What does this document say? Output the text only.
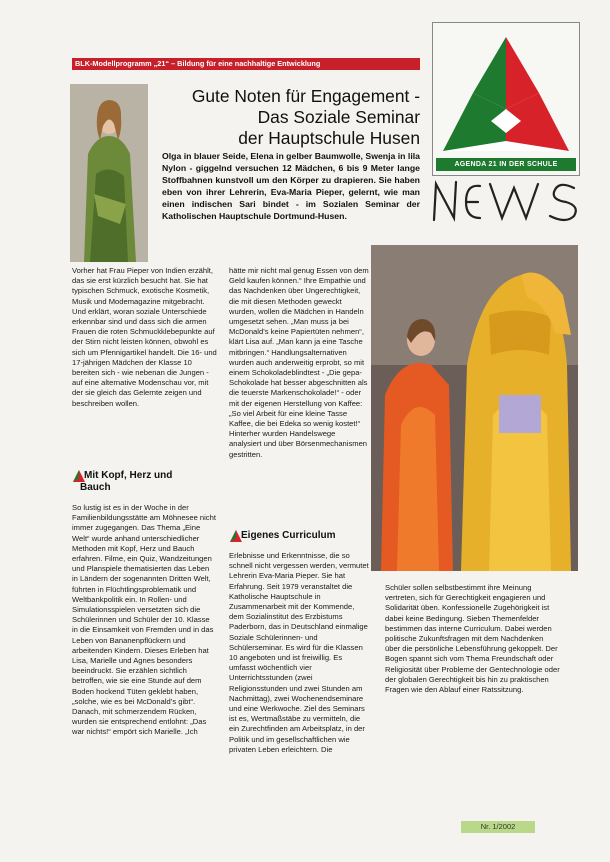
BLK-Modellprogramm „21“ – Bildung für eine nachhaltige Entwicklung
Gute Noten für Engagement -
Das Soziale Seminar
der Hauptschule Husen
Olga in blauer Seide, Elena in gelber Baumwolle, Swenja in lila Nylon - giggelnd versuchen 12 Mädchen, 6 bis 9 Meter lange Stoffbahnen kunstvoll um den Körper zu drapieren. Sie haben eben von ihrer Lehrerin, Eva-Maria Pieper, gelernt, wie man einen indischen Sari bindet - im Sozialen Seminar der Katholischen Hauptschule Dortmund-Husen.
AGENDA 21 IN DER SCHULE

Vorher hat Frau Pieper von Indien erzählt, das sie erst kürzlich besucht hat. Sie hat typischen Schmuck, exotische Kosmetik, Musik und Modemagazine mitgebracht. Und erklärt, woran soziale Unterschiede erkennbar sind und dass sich die armen Frauen die roten Schmuckklebepunkte auf der Stirn nicht leisten können, obwohl es sich um Pfennigartikel handelt. Die 16- und 17-jährigen Mädchen der Klasse 10 bereiten sich - wie nebenan die Jungen - auf eine alternative Modenschau vor, mit der sie gleich das Gelernte zeigen und beschreiben wollen.

Mit Kopf, Herz und
Bauch

So lustig ist es in der Woche in der Familienbildungsstätte am Möhnesee nicht immer zugegangen. Das Thema „Eine Welt“ wurde anhand unterschiedlicher Methoden mit Kopf, Herz und Bauch erfahren. Filme, ein Quiz, Wandzeitungen und Planspiele thematisierten das Leben in Ländern der sogenannten Dritten Welt, führten in Flüchtlingsproblematik und Weltbankpolitik ein. In Rollen- und Simulationsspielen versetzten sich die Schülerinnen und Schüler der 10. Klasse in die Einsamkeit von Fremden und in das Leben von Bananenpflückern und arbeitenden Kindern. Dieses Erleben hat Lisa, Marielle und Agnes besonders beeindruckt. Sie erzählen sichtlich betroffen, wie sie eine Stunde auf dem Boden hockend Tüten geklebt haben, „solche, wie es bei McDonald’s gibt“. Danach, mit schmerzendem Rücken, wurden sie entsprechend entlohnt: „Das war nichts!“ empört sich Marielle. „Ich

hätte mir nicht mal genug Essen von dem Geld kaufen können.“ Ihre Empathie und das Nachdenken über Ungerechtigkeit, die mit diesen Methoden geweckt wurden, wollen die Mädchen in Handeln umgesetzt sehen. „Man muss ja bei McDonald’s keine Papiertüten nehmen“, klärt Lisa auf. „Man kann ja eine Tasche mitbringen.“ Handlungsalternativen wurden auch anderweitig erprobt, so mit einem Schokoladeblindtest - „Die gepa-Schokolade hat besser abgeschnitten als die teuerste Markenschokolade!“ - oder mit der eigenen Herstellung von Kaffee: „So viel Arbeit für eine kleine Tasse Kaffee, die bei Edeka so wenig kostet!“ Hinterher wurden Handelswege analysiert und über Börsenmechanismen gestritten.

Eigenes Curriculum

Erlebnisse und Erkenntnisse, die so schnell nicht vergessen werden, vermutet Lehrerin Eva-Maria Pieper. Sie hat Erfahrung. Seit 1979 veranstaltet die Katholische Hauptschule in Zusammenarbeit mit der Kommende, dem Sozialinstitut des Erzbistums Paderborn, das in Deutschland einmalige Soziale Schülerinnen- und Schülerseminar. Es wird für die Klassen 10 angeboten und ist freiwillig. Es umfasst wöchentlich vier Unterrichtsstunden (zwei Religionsstunden und zwei Stunden am Nachmittag), zwei Wochenendseminare und eine Werkwoche. Ziel des Seminars ist es, Wertmaßstäbe zu vermitteln, die ein Zurechtfinden am Arbeitsplatz, in der Politik und im gesellschaftlichen wie privaten Leben erleichtern. Die

Schüler sollen selbstbestimmt ihre Meinung vertreten, sich für Gerechtigkeit engagieren und Solidarität üben. Konfessionelle Zugehörigkeit ist dabei keine Bedingung. Sieben Themenfelder bestimmen das interne Curriculum. Dabei werden politische Zukunftsfragen mit dem Nachdenken über die persönliche Lebensführung gekoppelt. Der Bogen spannt sich vom Thema Freundschaft oder Religiosität über Probleme der Gentechnologie oder der globalen Gerechtigkeit bis hin zu praktischen Fragen wie den Ablauf einer Ratssitzung.

Nr. 1/2002
